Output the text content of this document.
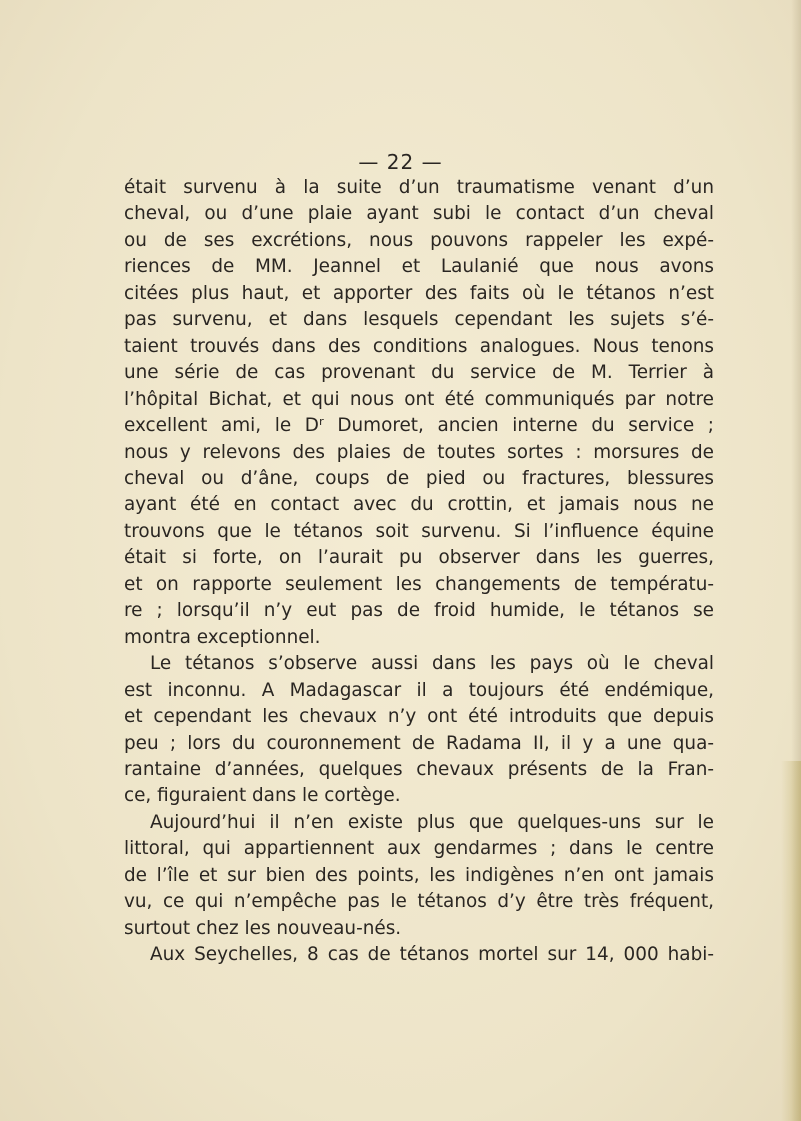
— 22 —
était survenu à la suite d’un traumatisme venant d’un
cheval, ou d’une plaie ayant subi le contact d’un cheval
ou de ses excrétions, nous pouvons rappeler les expé-
riences de MM. Jeannel et Laulanié que nous avons
citées plus haut, et apporter des faits où le tétanos n’est
pas survenu, et dans lesquels cependant les sujets s’é-
taient trouvés dans des conditions analogues. Nous tenons
une série de cas provenant du service de M. Terrier à
l’hôpital Bichat, et qui nous ont été communiqués par notre
excellent ami, le Dʳ Dumoret, ancien interne du service ;
nous y relevons des plaies de toutes sortes : morsures de
cheval ou d’âne, coups de pied ou fractures, blessures
ayant été en contact avec du crottin, et jamais nous ne
trouvons que le tétanos soit survenu. Si l’influence équine
était si forte, on l’aurait pu observer dans les guerres,
et on rapporte seulement les changements de températu-
re ; lorsqu’il n’y eut pas de froid humide, le tétanos se
montra exceptionnel.
Le tétanos s’observe aussi dans les pays où le cheval
est inconnu. A Madagascar il a toujours été endémique,
et cependant les chevaux n’y ont été introduits que depuis
peu ; lors du couronnement de Radama II, il y a une qua-
rantaine d’années, quelques chevaux présents de la Fran-
ce, figuraient dans le cortège.
Aujourd’hui il n’en existe plus que quelques-uns sur le
littoral, qui appartiennent aux gendarmes ; dans le centre
de l’île et sur bien des points, les indigènes n’en ont jamais
vu, ce qui n’empêche pas le tétanos d’y être très fréquent,
surtout chez les nouveau-nés.
Aux Seychelles, 8 cas de tétanos mortel sur 14, 000 habi-
